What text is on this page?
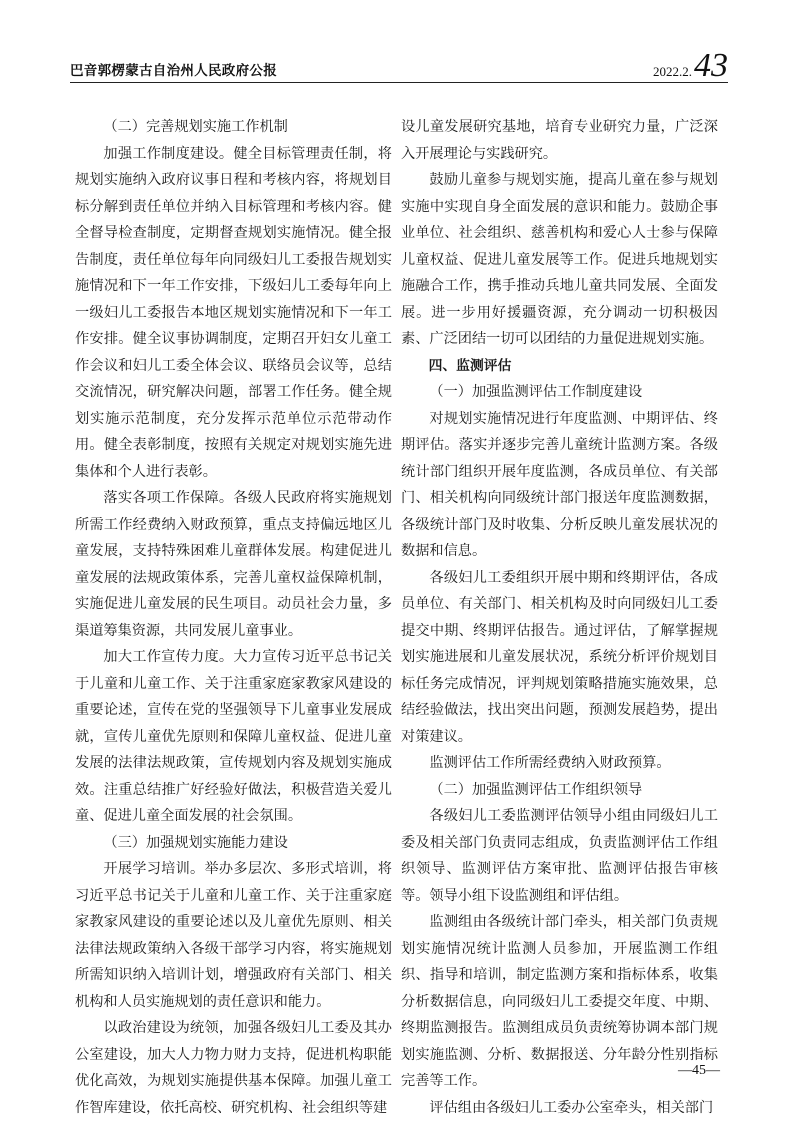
巴音郭楞蒙古自治州人民政府公报	2022.2.43

（二）完善规划实施工作机制

加强工作制度建设。健全目标管理责任制，将规划实施纳入政府议事日程和考核内容，将规划目标分解到责任单位并纳入目标管理和考核内容。健全督导检查制度，定期督查规划实施情况。健全报告制度，责任单位每年向同级妇儿工委报告规划实施情况和下一年工作安排，下级妇儿工委每年向上一级妇儿工委报告本地区规划实施情况和下一年工作安排。健全议事协调制度，定期召开妇女儿童工作会议和妇儿工委全体会议、联络员会议等，总结交流情况，研究解决问题，部署工作任务。健全规划实施示范制度，充分发挥示范单位示范带动作用。健全表彰制度，按照有关规定对规划实施先进集体和个人进行表彰。

落实各项工作保障。各级人民政府将实施规划所需工作经费纳入财政预算，重点支持偏远地区儿童发展，支持特殊困难儿童群体发展。构建促进儿童发展的法规政策体系，完善儿童权益保障机制，实施促进儿童发展的民生项目。动员社会力量，多渠道筹集资源，共同发展儿童事业。

加大工作宣传力度。大力宣传习近平总书记关于儿童和儿童工作、关于注重家庭家教家风建设的重要论述，宣传在党的坚强领导下儿童事业发展成就，宣传儿童优先原则和保障儿童权益、促进儿童发展的法律法规政策，宣传规划内容及规划实施成效。注重总结推广好经验好做法，积极营造关爱儿童、促进儿童全面发展的社会氛围。

（三）加强规划实施能力建设

开展学习培训。举办多层次、多形式培训，将习近平总书记关于儿童和儿童工作、关于注重家庭家教家风建设的重要论述以及儿童优先原则、相关法律法规政策纳入各级干部学习内容，将实施规划所需知识纳入培训计划，增强政府有关部门、相关机构和人员实施规划的责任意识和能力。

以政治建设为统领，加强各级妇儿工委及其办公室建设，加大人力物力财力支持，促进机构职能优化高效，为规划实施提供基本保障。加强儿童工作智库建设，依托高校、研究机构、社会组织等建

设儿童发展研究基地，培育专业研究力量，广泛深入开展理论与实践研究。

鼓励儿童参与规划实施，提高儿童在参与规划实施中实现自身全面发展的意识和能力。鼓励企事业单位、社会组织、慈善机构和爱心人士参与保障儿童权益、促进儿童发展等工作。促进兵地规划实施融合工作，携手推动兵地儿童共同发展、全面发展。进一步用好援疆资源，充分调动一切积极因素、广泛团结一切可以团结的力量促进规划实施。

四、监测评估

（一）加强监测评估工作制度建设

对规划实施情况进行年度监测、中期评估、终期评估。落实并逐步完善儿童统计监测方案。各级统计部门组织开展年度监测，各成员单位、有关部门、相关机构向同级统计部门报送年度监测数据，各级统计部门及时收集、分析反映儿童发展状况的数据和信息。

各级妇儿工委组织开展中期和终期评估，各成员单位、有关部门、相关机构及时向同级妇儿工委提交中期、终期评估报告。通过评估，了解掌握规划实施进展和儿童发展状况，系统分析评价规划目标任务完成情况，评判规划策略措施实施效果，总结经验做法，找出突出问题，预测发展趋势，提出对策建议。

监测评估工作所需经费纳入财政预算。

（二）加强监测评估工作组织领导

各级妇儿工委监测评估领导小组由同级妇儿工委及相关部门负责同志组成，负责监测评估工作组织领导、监测评估方案审批、监测评估报告审核等。领导小组下设监测组和评估组。

监测组由各级统计部门牵头，相关部门负责规划实施情况统计监测人员参加，开展监测工作组织、指导和培训，制定监测方案和指标体系，收集分析数据信息，向同级妇儿工委提交年度、中期、终期监测报告。监测组成员负责统筹协调本部门规划实施监测、分析、数据报送、分年龄分性别指标完善等工作。

评估组由各级妇儿工委办公室牵头，相关部门

—45—
